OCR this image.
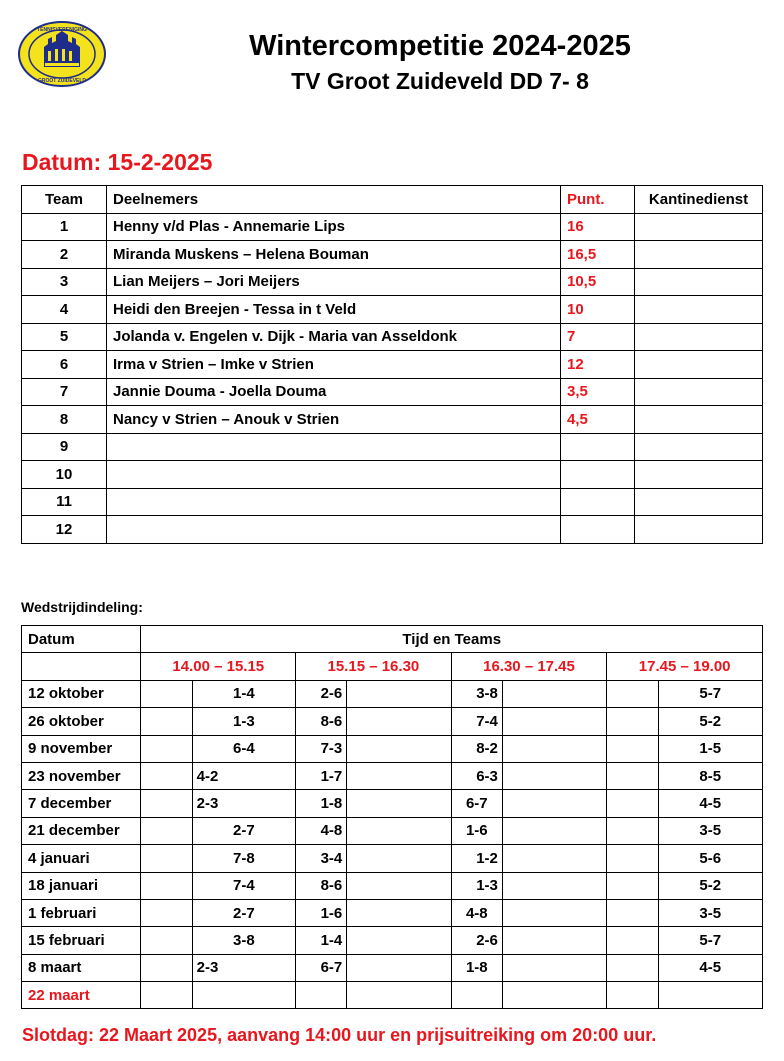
TENNISVERENIGING
GROOT ZUIDEVELD
Wintercompetitie 2024-2025
TV Groot Zuideveld DD 7- 8
Datum: 15-2-2025
Team	Deelnemers	Punt.	Kantinedienst
1	Henny v/d Plas - Annemarie Lips	16	
2	Miranda Muskens – Helena Bouman	16,5	
3	Lian Meijers – Jori Meijers	10,5	
4	Heidi den Breejen - Tessa in t Veld	10	
5	Jolanda v. Engelen v. Dijk - Maria van Asseldonk	7	
6	Irma v Strien – Imke v Strien	12	
7	Jannie Douma - Joella Douma	3,5	
8	Nancy v Strien – Anouk v Strien	4,5	
9			
10			
11			
12			
Wedstrijdindeling:
Datum	Tijd en Teams							
	14.00 – 15.15		15.15 – 16.30		16.30 – 17.45		17.45 – 19.00	
12 oktober		1-4	2-6		3-8			5-7
26 oktober		1-3	8-6		7-4			5-2
9 november		6-4	7-3		8-2			1-5
23 november		4-2	1-7		6-3			8-5
7 december		2-3	1-8		6-7			4-5
21 december		2-7	4-8		1-6			3-5
4 januari		7-8	3-4		1-2			5-6
18 januari		7-4	8-6		1-3			5-2
1 februari		2-7	1-6		4-8			3-5
15 februari		3-8	1-4		2-6			5-7
8 maart		2-3	6-7		1-8			4-5
22 maart								
Slotdag: 22 Maart 2025, aanvang 14:00 uur en prijsuitreiking om 20:00 uur.
